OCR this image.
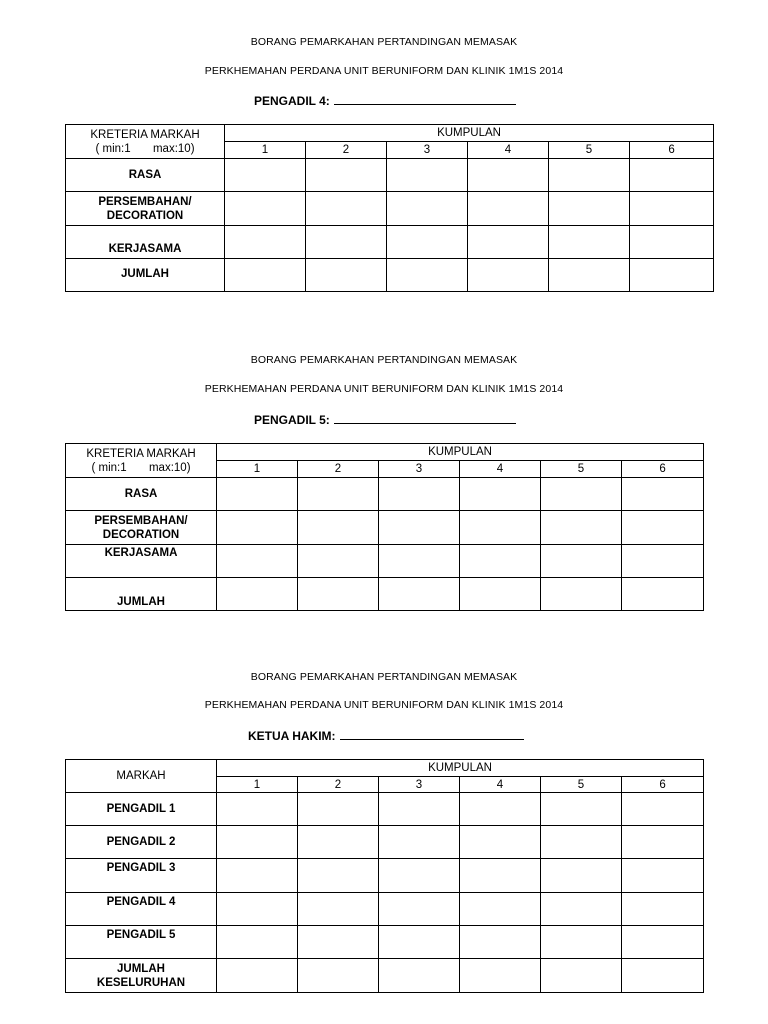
BORANG PEMARKAHAN PERTANDINGAN MEMASAK
PERKHEMAHAN PERDANA UNIT BERUNIFORM DAN KLINIK 1M1S 2014
PENGADIL 4:
KRETERIA MARKAH
( min:1       max:10)	KUMPULAN					
	1	2	3	4	5	6
RASA						
PERSEMBAHAN/
DECORATION						
KERJASAMA						
JUMLAH						
BORANG PEMARKAHAN PERTANDINGAN MEMASAK
PERKHEMAHAN PERDANA UNIT BERUNIFORM DAN KLINIK 1M1S 2014
PENGADIL 5:
KRETERIA MARKAH
( min:1       max:10)	KUMPULAN					
	1	2	3	4	5	6
RASA						
PERSEMBAHAN/
DECORATION						
KERJASAMA						
JUMLAH						
BORANG PEMARKAHAN PERTANDINGAN MEMASAK
PERKHEMAHAN PERDANA UNIT BERUNIFORM DAN KLINIK 1M1S 2014
KETUA HAKIM:
MARKAH	KUMPULAN					
	1	2	3	4	5	6
PENGADIL 1						
PENGADIL 2						
PENGADIL 3						
PENGADIL 4						
PENGADIL 5						
JUMLAH
KESELURUHAN						
